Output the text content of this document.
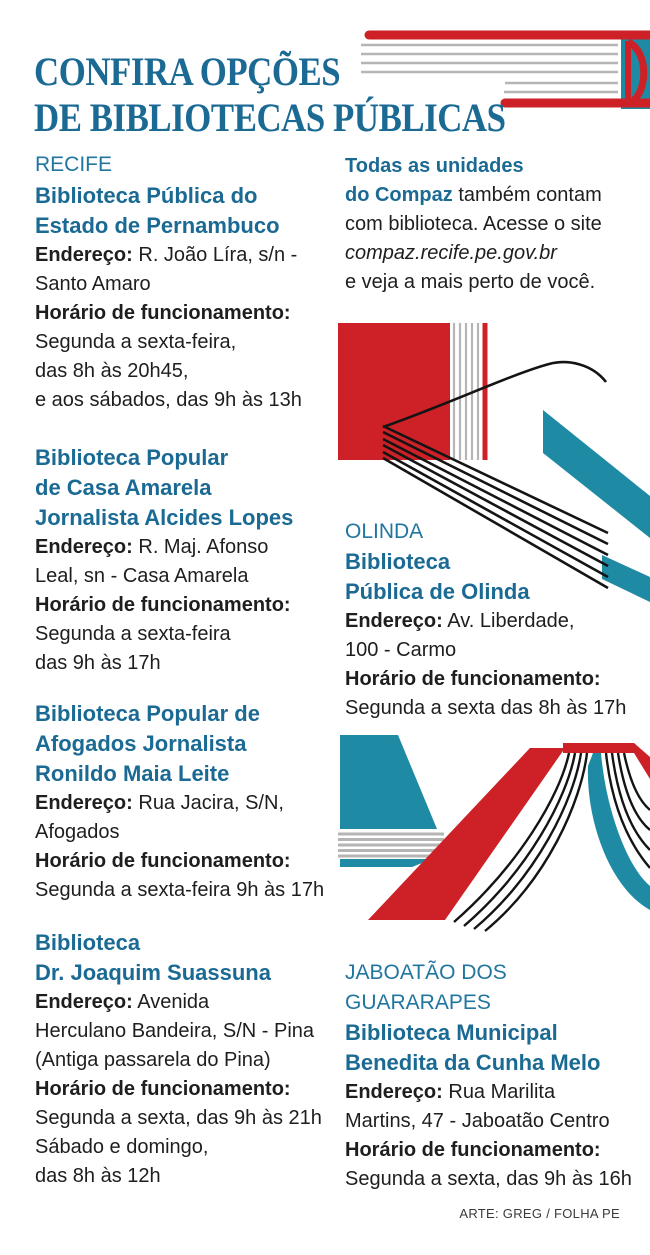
CONFIRA OPÇÕES
DE BIBLIOTECAS PÚBLICAS
RECIFE
Biblioteca Pública do
Estado de Pernambuco
Endereço: R. João Líra, s/n -
Santo Amaro
Horário de funcionamento:
Segunda a sexta-feira,
das 8h às 20h45,
e aos sábados, das 9h às 13h
Biblioteca Popular
de Casa Amarela
Jornalista Alcides Lopes
Endereço: R. Maj. Afonso
Leal, sn - Casa Amarela
Horário de funcionamento:
Segunda a sexta-feira
das 9h às 17h
Biblioteca Popular de
Afogados Jornalista
Ronildo Maia Leite
Endereço: Rua Jacira, S/N,
Afogados
Horário de funcionamento:
Segunda a sexta-feira 9h às 17h
Biblioteca
Dr. Joaquim Suassuna
Endereço: Avenida
Herculano Bandeira, S/N - Pina
(Antiga passarela do Pina)
Horário de funcionamento:
Segunda a sexta, das 9h às 21h
Sábado e domingo,
das 8h às 12h
Todas as unidades
do Compaz também contam
com biblioteca. Acesse o site
compaz.recife.pe.gov.br
e veja a mais perto de você.
OLINDA
Biblioteca
Pública de Olinda
Endereço: Av. Liberdade,
100 - Carmo
Horário de funcionamento:
Segunda a sexta das 8h às 17h
JABOATÃO DOS
GUARARAPES
Biblioteca Municipal
Benedita da Cunha Melo
Endereço: Rua Marilita
Martins, 47 - Jaboatão Centro
Horário de funcionamento:
Segunda a sexta, das 9h às 16h
ARTE: GREG / FOLHA PE
